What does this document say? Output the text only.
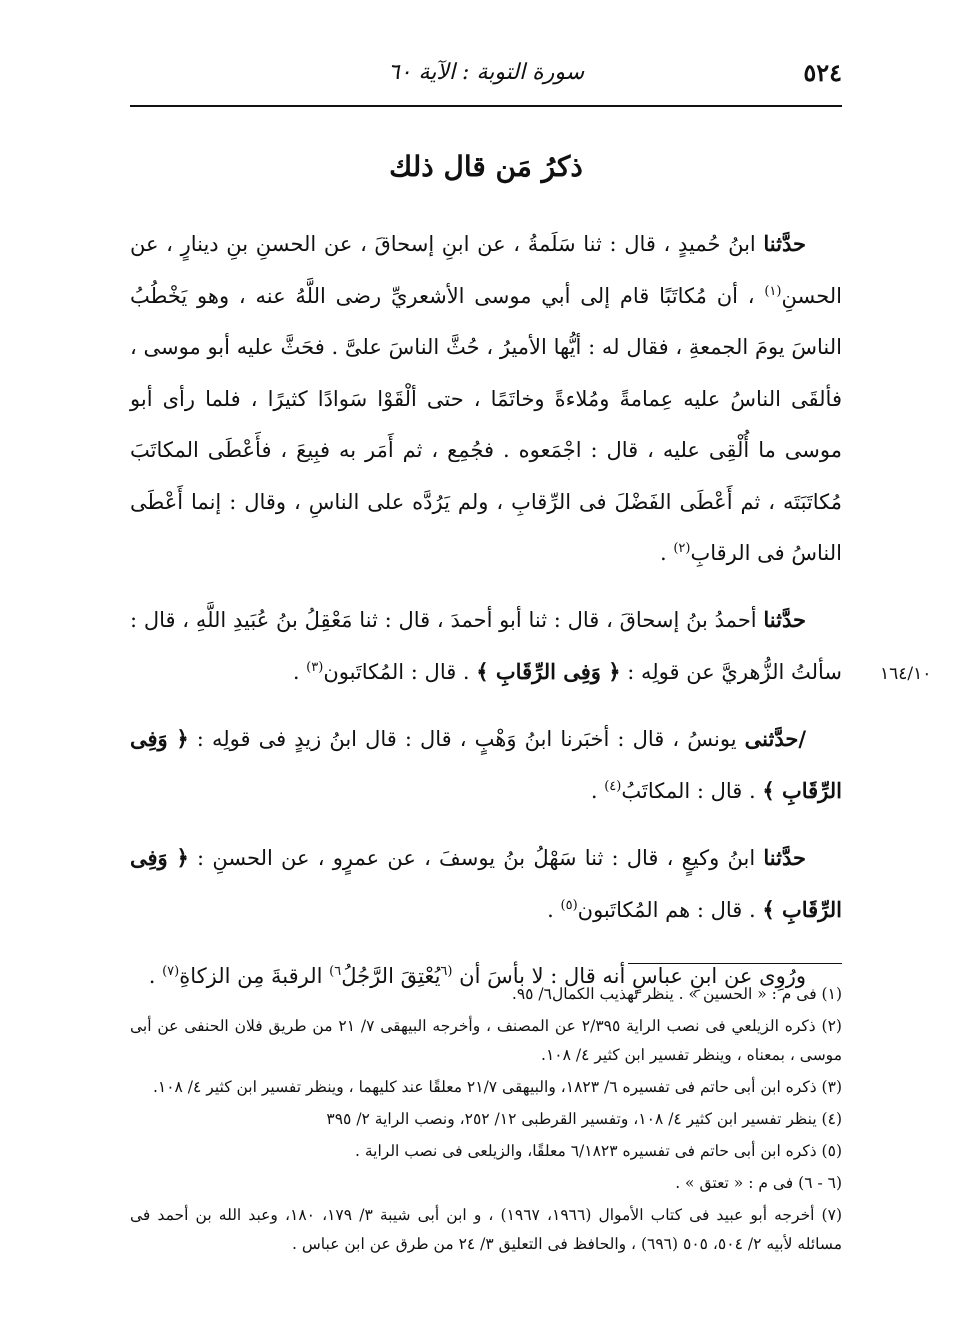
٥٢٤
سورة التوبة : الآية ٦٠
ذكرُ مَن قال ذلك
١٦٤/١٠

حدَّثنا ابنُ حُميدٍ ، قال : ثنا سَلَمةُ ، عن ابنِ إسحاقَ ، عن الحسنِ بنِ دينارٍ ، عن الحسنِ$^{(١)}$ ، أن مُكاتَبًا قام إلى أبي موسى الأشعريِّ رضى اللَّهُ عنه ، وهو يَخْطُبُ الناسَ يومَ الجمعةِ ، فقال له : أيُّها الأميرُ ، حُثَّ الناسَ علىَّ . فحَثَّ عليه أبو موسى ، فألقَى الناسُ عليه عِمامةً ومُلاءةً وخاتَمًا ، حتى ألْقَوْا سَوادًا كثيرًا ، فلما رأى أبو موسى ما أُلْقِى عليه ، قال : اجْمَعوه . فجُمِع ، ثم أَمَر به فبِيعَ ، فأَعْطَى المكاتَبَ مُكاتَبَتَه ، ثم أَعْطَى الفَضْلَ فى الرِّقابِ ، ولم يَرُدَّه على الناسِ ، وقال : إنما أَعْطَى الناسُ فى الرقابِ$^{(٢)}$ .

حدَّثنا أحمدُ بنُ إسحاقَ ، قال : ثنا أبو أحمدَ ، قال : ثنا مَعْقِلُ بنُ عُبَيدِ اللَّهِ ، قال : سألتُ الزُّهريَّ عن قولِه : ﴿ وَفِى الرِّقَابِ ﴾ . قال : المُكاتَبون$^{(٣)}$ .

/حدَّثنى يونسُ ، قال : أخبَرنا ابنُ وَهْبٍ ، قال : قال ابنُ زيدٍ فى قولِه : ﴿ وَفِى الرِّقَابِ ﴾ . قال : المكاتَبُ$^{(٤)}$ .

حدَّثنا ابنُ وكيعٍ ، قال : ثنا سَهْلُ بنُ يوسفَ ، عن عمرٍو ، عن الحسنِ : ﴿ وَفِى الرِّقَابِ ﴾ . قال : هم المُكاتَبون$^{(٥)}$ .

ورُوِى عن ابنِ عباسٍ أنه قال : لا بأسَ أن $^{(٦}$يُعْتِقَ الرَّجُلُ$^{٦)}$ الرقبةَ مِن الزكاةِ$^{(٧)}$ .

(١) فى م : « الحسين » . ينظر تهذيب الكمال٦/ ٩٥.

(٢) ذكره الزيلعي فى نصب الراية ٢/٣٩٥ عن المصنف ، وأخرجه البيهقى ٧/ ٢١ من طريق فلان الحنفى عن أبى موسى ، بمعناه ، وينظر تفسير ابن كثير ٤/ ١٠٨.

(٣) ذكره ابن أبى حاتم فى تفسيره ٦/ ١٨٢٣، والبيهقى ٢١/٧ معلقًا عند كليهما ، وينظر تفسير ابن كثير ٤/ ١٠٨.

(٤) ينظر تفسير ابن كثير ٤/ ١٠٨، وتفسير القرطبى ١٢/ ٢٥٢، ونصب الراية ٢/ ٣٩٥

(٥) ذكره ابن أبى حاتم فى تفسيره ٦/١٨٢٣ معلقًا، والزيلعى فى نصب الراية .

(٦ - ٦) فى م : « تعتق » .

(٧) أخرجه أبو عبيد فى كتاب الأموال (١٩٦٦، ١٩٦٧) ، و ابن أبى شيبة ٣/ ١٧٩، ١٨٠، وعبد الله بن أحمد فى مسائله لأبيه ٢/ ٥٠٤، ٥٠٥ (٦٩٦) ، والحافظ فى التعليق ٣/ ٢٤ من طرق عن ابن عباس .
